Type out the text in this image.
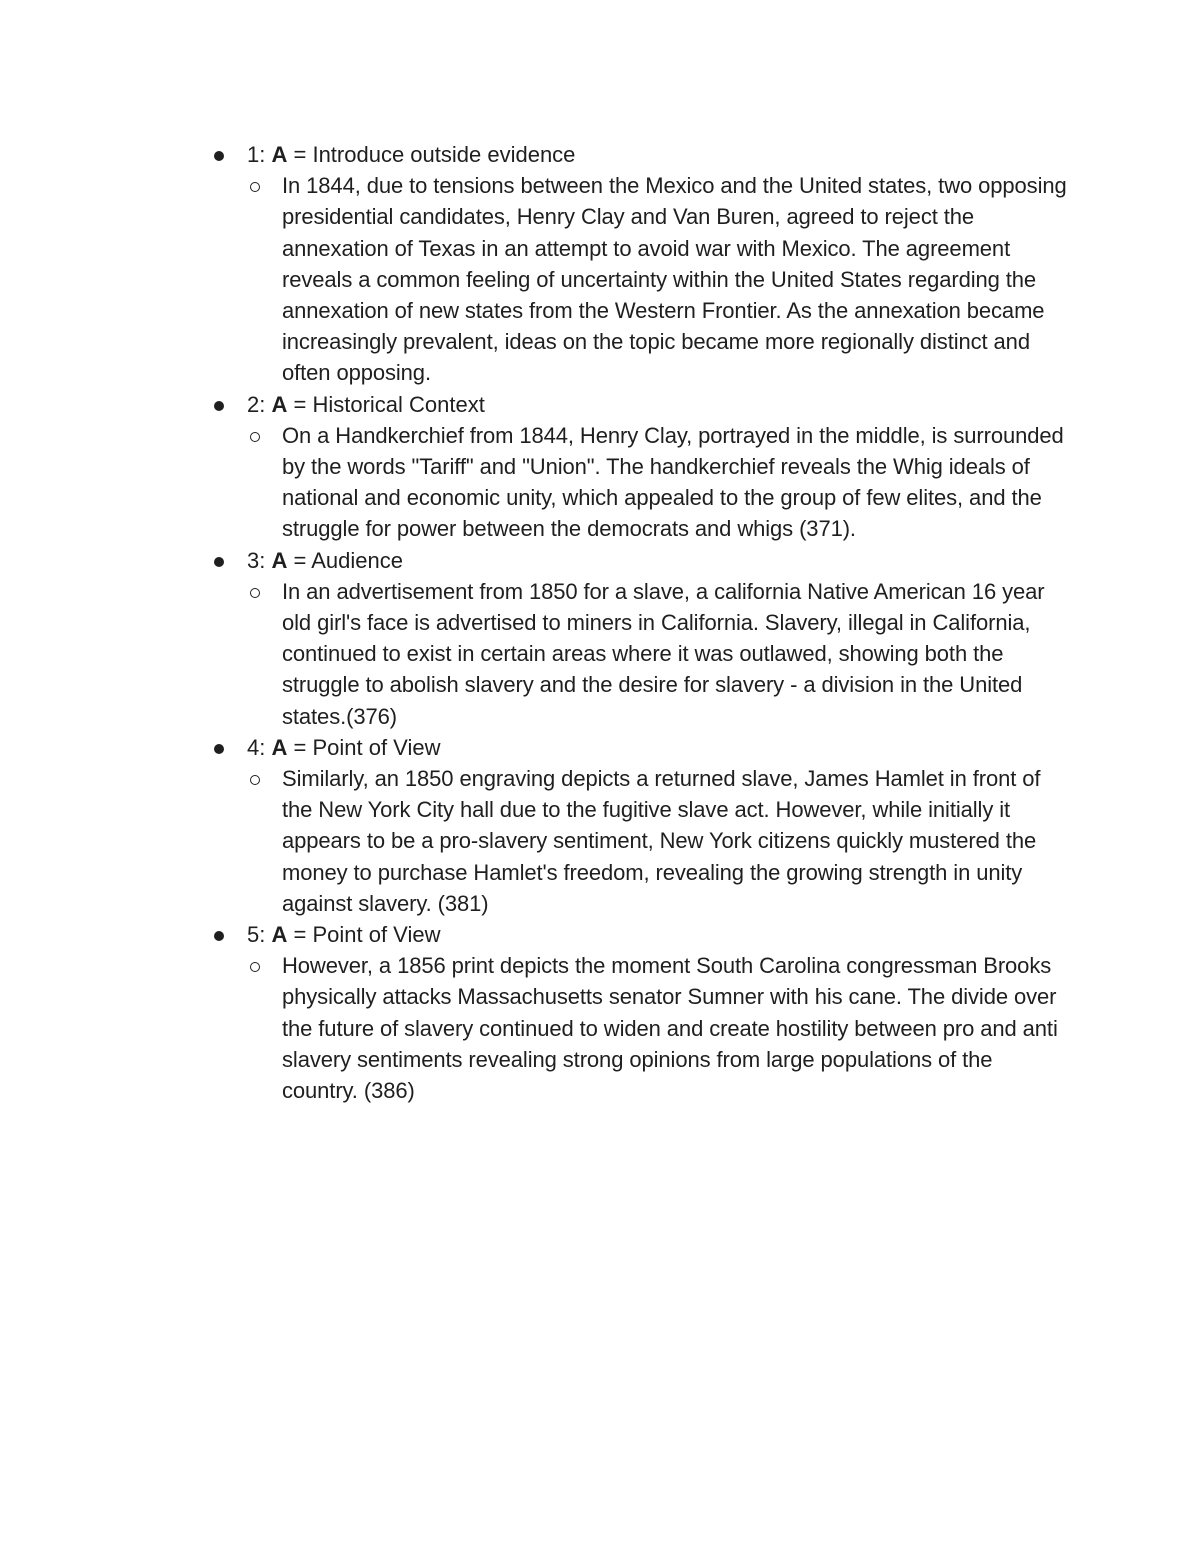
1: A = Introduce outside evidence
In 1844, due to tensions between the Mexico and the United states, two opposing presidential candidates, Henry Clay and Van Buren, agreed to reject the annexation of Texas in an attempt to avoid war with Mexico. The agreement reveals a common feeling of uncertainty within the United States regarding the annexation of new states from the Western Frontier. As the annexation became increasingly prevalent, ideas on the topic became more regionally distinct and often opposing.
2: A = Historical Context
On a Handkerchief from 1844, Henry Clay, portrayed in the middle, is surrounded by the words "Tariff" and "Union". The handkerchief reveals the Whig ideals of national and economic unity, which appealed to the group of few elites, and the struggle for power between the democrats and whigs (371).
3: A = Audience
In an advertisement from 1850 for a slave, a california Native American 16 year old girl's face is advertised to miners in California. Slavery, illegal in California, continued to exist in certain areas where it was outlawed, showing both the struggle to abolish slavery and the desire for slavery - a division in the United states.(376)
4: A = Point of View
Similarly, an 1850 engraving depicts a returned slave, James Hamlet in front of the New York City hall due to the fugitive slave act. However, while initially it appears to be a pro-slavery sentiment, New York citizens quickly mustered the money to purchase Hamlet's freedom, revealing the growing strength in unity against slavery. (381)
5: A = Point of View
However, a 1856 print depicts the moment South Carolina congressman Brooks physically attacks Massachusetts senator Sumner with his cane. The divide over the future of slavery continued to widen and create hostility between pro and anti slavery sentiments revealing strong opinions from large populations of the country. (386)
